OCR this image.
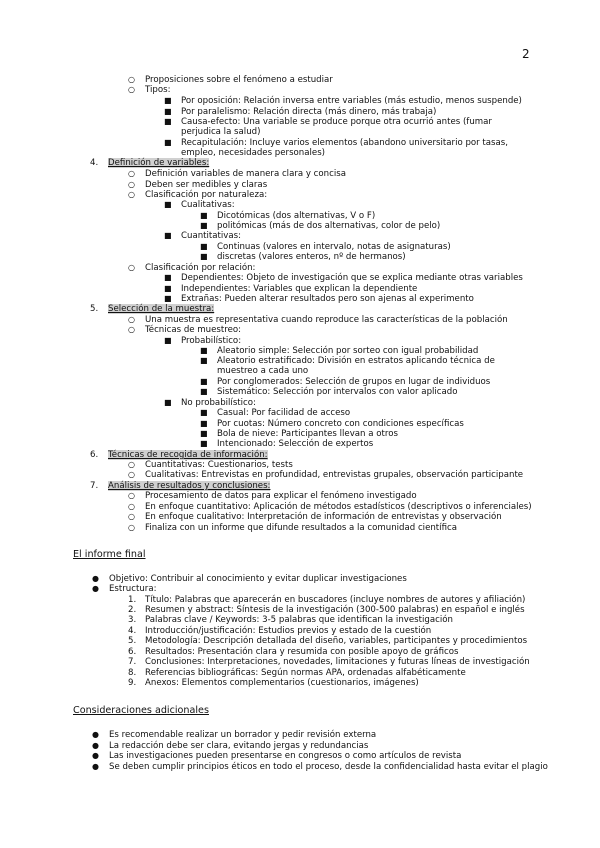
2
○ Proposiciones sobre el fenómeno a estudiar
○ Tipos:
■ Por oposición: Relación inversa entre variables (más estudio, menos suspende)
■ Por paralelismo: Relación directa (más dinero, más trabaja)
■ Causa-efecto: Una variable se produce porque otra ocurrió antes (fumar perjudica la salud)
■ Recapitulación: Incluye varios elementos (abandono universitario por tasas, empleo, necesidades personales)
4. Definición de variables:
○ Definición variables de manera clara y concisa
○ Deben ser medibles y claras
○ Clasificación por naturaleza:
■ Cualitativas:
■ Dicotómicas (dos alternativas, V o F)
■ politómicas (más de dos alternativas, color de pelo)
■ Cuantitativas:
■ Continuas (valores en intervalo, notas de asignaturas)
■ discretas (valores enteros, nº de hermanos)
○ Clasificación por relación:
■ Dependientes: Objeto de investigación que se explica mediante otras variables
■ Independientes: Variables que explican la dependiente
■ Extrañas: Pueden alterar resultados pero son ajenas al experimento
5. Selección de la muestra:
○ Una muestra es representativa cuando reproduce las características de la población
○ Técnicas de muestreo:
■ Probabilístico:
■ Aleatorio simple: Selección por sorteo con igual probabilidad
■ Aleatorio estratificado: División en estratos aplicando técnica de muestreo a cada uno
■ Por conglomerados: Selección de grupos en lugar de individuos
■ Sistemático: Selección por intervalos con valor aplicado
■ No probabilístico:
■ Casual: Por facilidad de acceso
■ Por cuotas: Número concreto con condiciones específicas
■ Bola de nieve: Participantes llevan a otros
■ Intencionado: Selección de expertos
6. Técnicas de recogida de información:
○ Cuantitativas: Cuestionarios, tests
○ Cualitativas: Entrevistas en profundidad, entrevistas grupales, observación participante
7. Análisis de resultados y conclusiones:
○ Procesamiento de datos para explicar el fenómeno investigado
○ En enfoque cuantitativo: Aplicación de métodos estadísticos (descriptivos o inferenciales)
○ En enfoque cualitativo: Interpretación de información de entrevistas y observación
○ Finaliza con un informe que difunde resultados a la comunidad científica
El informe final
● Objetivo: Contribuir al conocimiento y evitar duplicar investigaciones
● Estructura:
1. Título: Palabras que aparecerán en buscadores (incluye nombres de autores y afiliación)
2. Resumen y abstract: Síntesis de la investigación (300-500 palabras) en español e inglés
3. Palabras clave / Keywords: 3-5 palabras que identifican la investigación
4. Introducción/justificación: Estudios previos y estado de la cuestión
5. Metodología: Descripción detallada del diseño, variables, participantes y procedimientos
6. Resultados: Presentación clara y resumida con posible apoyo de gráficos
7. Conclusiones: Interpretaciones, novedades, limitaciones y futuras líneas de investigación
8. Referencias bibliográficas: Según normas APA, ordenadas alfabéticamente
9. Anexos: Elementos complementarios (cuestionarios, imágenes)
Consideraciones adicionales
● Es recomendable realizar un borrador y pedir revisión externa
● La redacción debe ser clara, evitando jergas y redundancias
● Las investigaciones pueden presentarse en congresos o como artículos de revista
● Se deben cumplir principios éticos en todo el proceso, desde la confidencialidad hasta evitar el plagio
